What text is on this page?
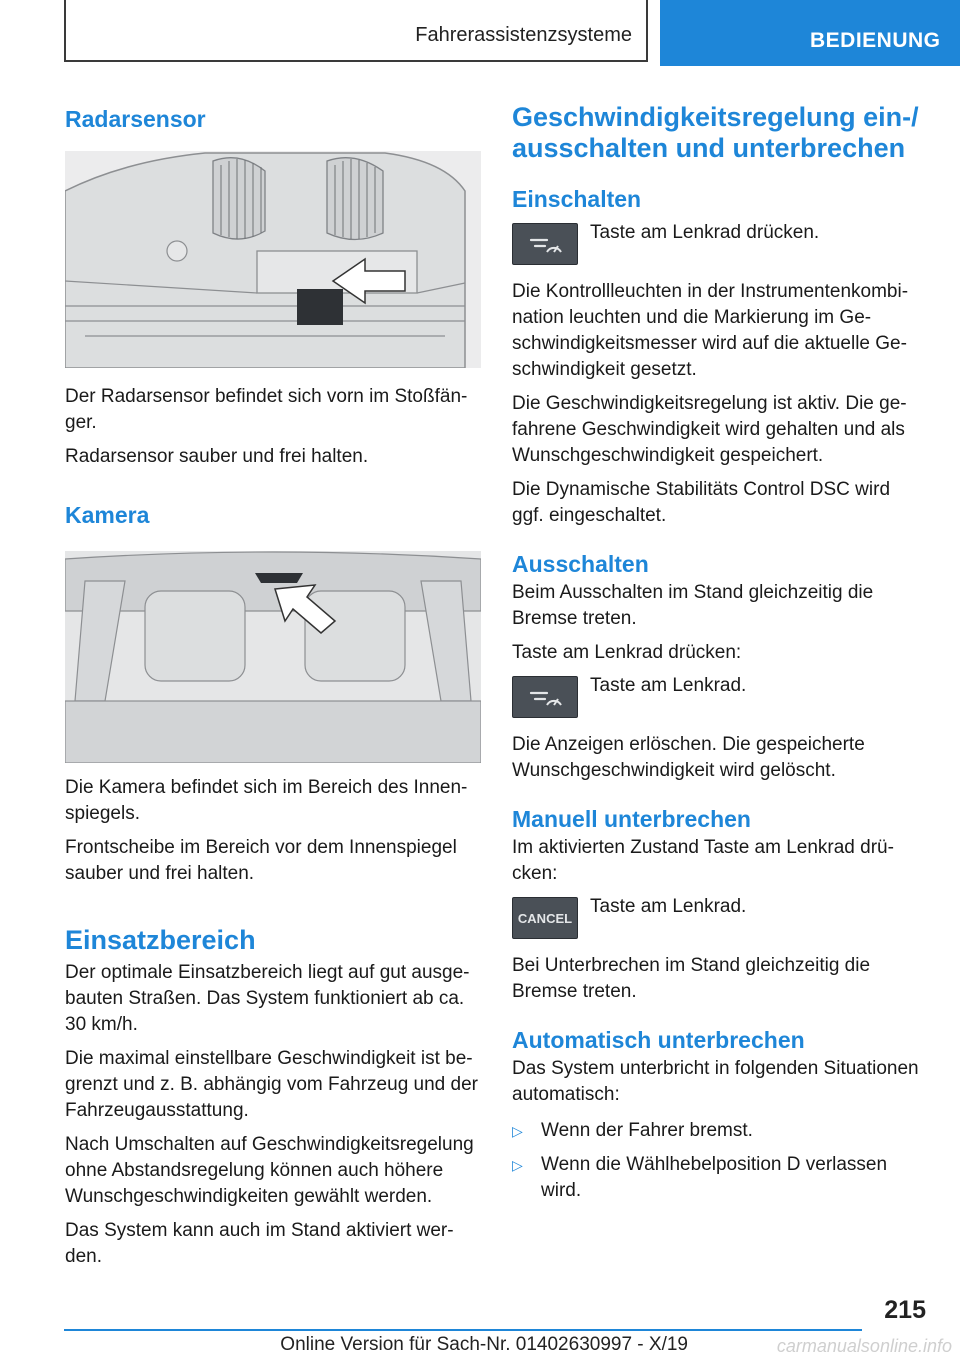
Fahrerassistenzsysteme	BEDIENUNG
Radarsensor

Der Radarsensor befindet sich vorn im Stoßfän-ger.

Radarsensor sauber und frei halten.

Kamera

Die Kamera befindet sich im Bereich des Innen-spiegels.

Frontscheibe im Bereich vor dem Innenspiegel sauber und frei halten.

Einsatzbereich

Der optimale Einsatzbereich liegt auf gut ausge-bauten Straßen. Das System funktioniert ab ca. 30 km/h.

Die maximal einstellbare Geschwindigkeit ist be-grenzt und z. B. abhängig vom Fahrzeug und der Fahrzeugausstattung.

Nach Umschalten auf Geschwindigkeitsregelung ohne Abstandsregelung können auch höhere Wunschgeschwindigkeiten gewählt werden.

Das System kann auch im Stand aktiviert wer-den.

Geschwindigkeitsregelung ein-/ ausschalten und unterbrechen
Einschalten
Taste am Lenkrad drücken.

Die Kontrollleuchten in der Instrumentenkombi-nation leuchten und die Markierung im Ge-schwindigkeitsmesser wird auf die aktuelle Ge-schwindigkeit gesetzt.

Die Geschwindigkeitsregelung ist aktiv. Die ge-fahrene Geschwindigkeit wird gehalten und als Wunschgeschwindigkeit gespeichert.

Die Dynamische Stabilitäts Control DSC wird ggf. eingeschaltet.

Ausschalten

Beim Ausschalten im Stand gleichzeitig die Bremse treten.

Taste am Lenkrad drücken:

Taste am Lenkrad.

Die Anzeigen erlöschen. Die gespeicherte Wunschgeschwindigkeit wird gelöscht.

Manuell unterbrechen

Im aktivierten Zustand Taste am Lenkrad drü-cken:

CANCEL
Taste am Lenkrad.

Bei Unterbrechen im Stand gleichzeitig die Bremse treten.

Automatisch unterbrechen

Das System unterbricht in folgenden Situationen automatisch:

▷ Wenn der Fahrer bremst.
▷ Wenn die Wählhebelposition D verlassen wird.
215
Online Version für Sach-Nr. 01402630997 - X/19	carmanualsonline.info
